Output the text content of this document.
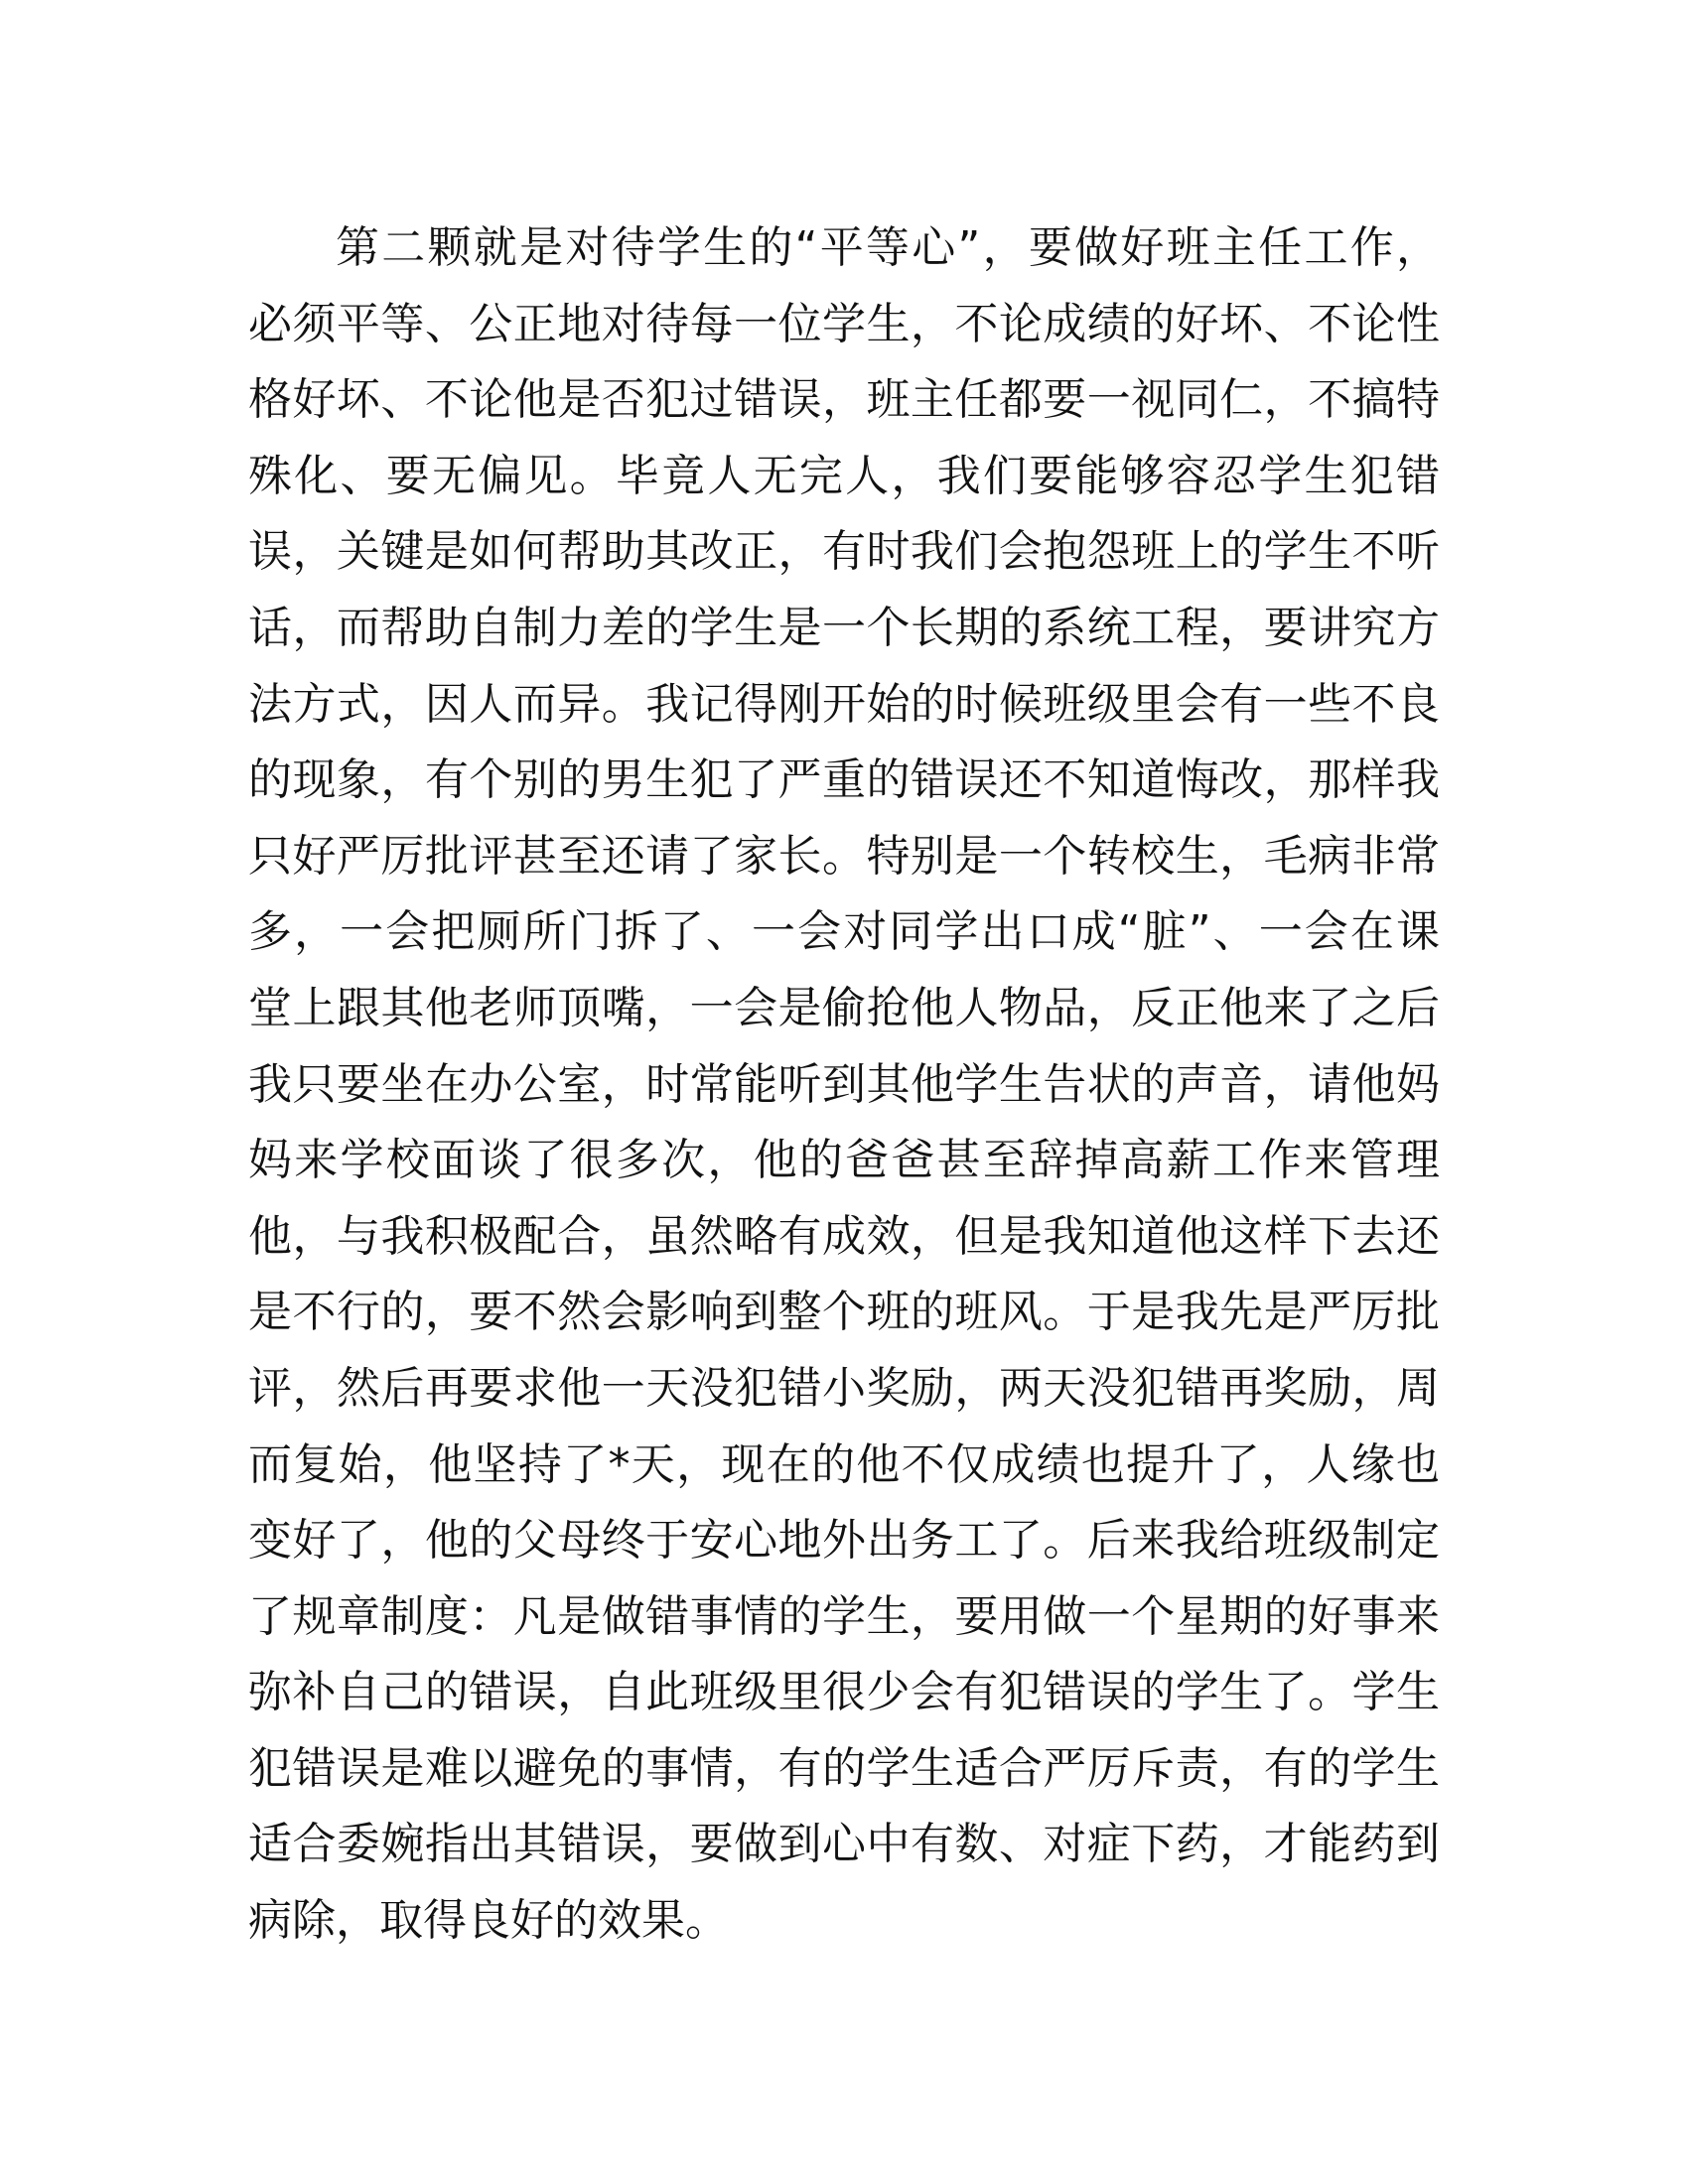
第二颗就是对待学生的“平等心”，要做好班主任工作，
必须平等、公正地对待每一位学生，不论成绩的好坏、不论性
格好坏、不论他是否犯过错误，班主任都要一视同仁，不搞特
殊化、要无偏见。毕竟人无完人，我们要能够容忍学生犯错
误，关键是如何帮助其改正，有时我们会抱怨班上的学生不听
话，而帮助自制力差的学生是一个长期的系统工程，要讲究方
法方式，因人而异。我记得刚开始的时候班级里会有一些不良
的现象，有个别的男生犯了严重的错误还不知道悔改，那样我
只好严厉批评甚至还请了家长。特别是一个转校生，毛病非常
多，一会把厕所门拆了、一会对同学出口成“脏”、一会在课
堂上跟其他老师顶嘴，一会是偷抢他人物品，反正他来了之后
我只要坐在办公室，时常能听到其他学生告状的声音，请他妈
妈来学校面谈了很多次，他的爸爸甚至辞掉高薪工作来管理
他，与我积极配合，虽然略有成效，但是我知道他这样下去还
是不行的，要不然会影响到整个班的班风。于是我先是严厉批
评，然后再要求他一天没犯错小奖励，两天没犯错再奖励，周
而复始，他坚持了*天，现在的他不仅成绩也提升了，人缘也
变好了，他的父母终于安心地外出务工了。后来我给班级制定
了规章制度：凡是做错事情的学生，要用做一个星期的好事来
弥补自己的错误，自此班级里很少会有犯错误的学生了。学生
犯错误是难以避免的事情，有的学生适合严厉斥责，有的学生
适合委婉指出其错误，要做到心中有数、对症下药，才能药到
病除，取得良好的效果。
